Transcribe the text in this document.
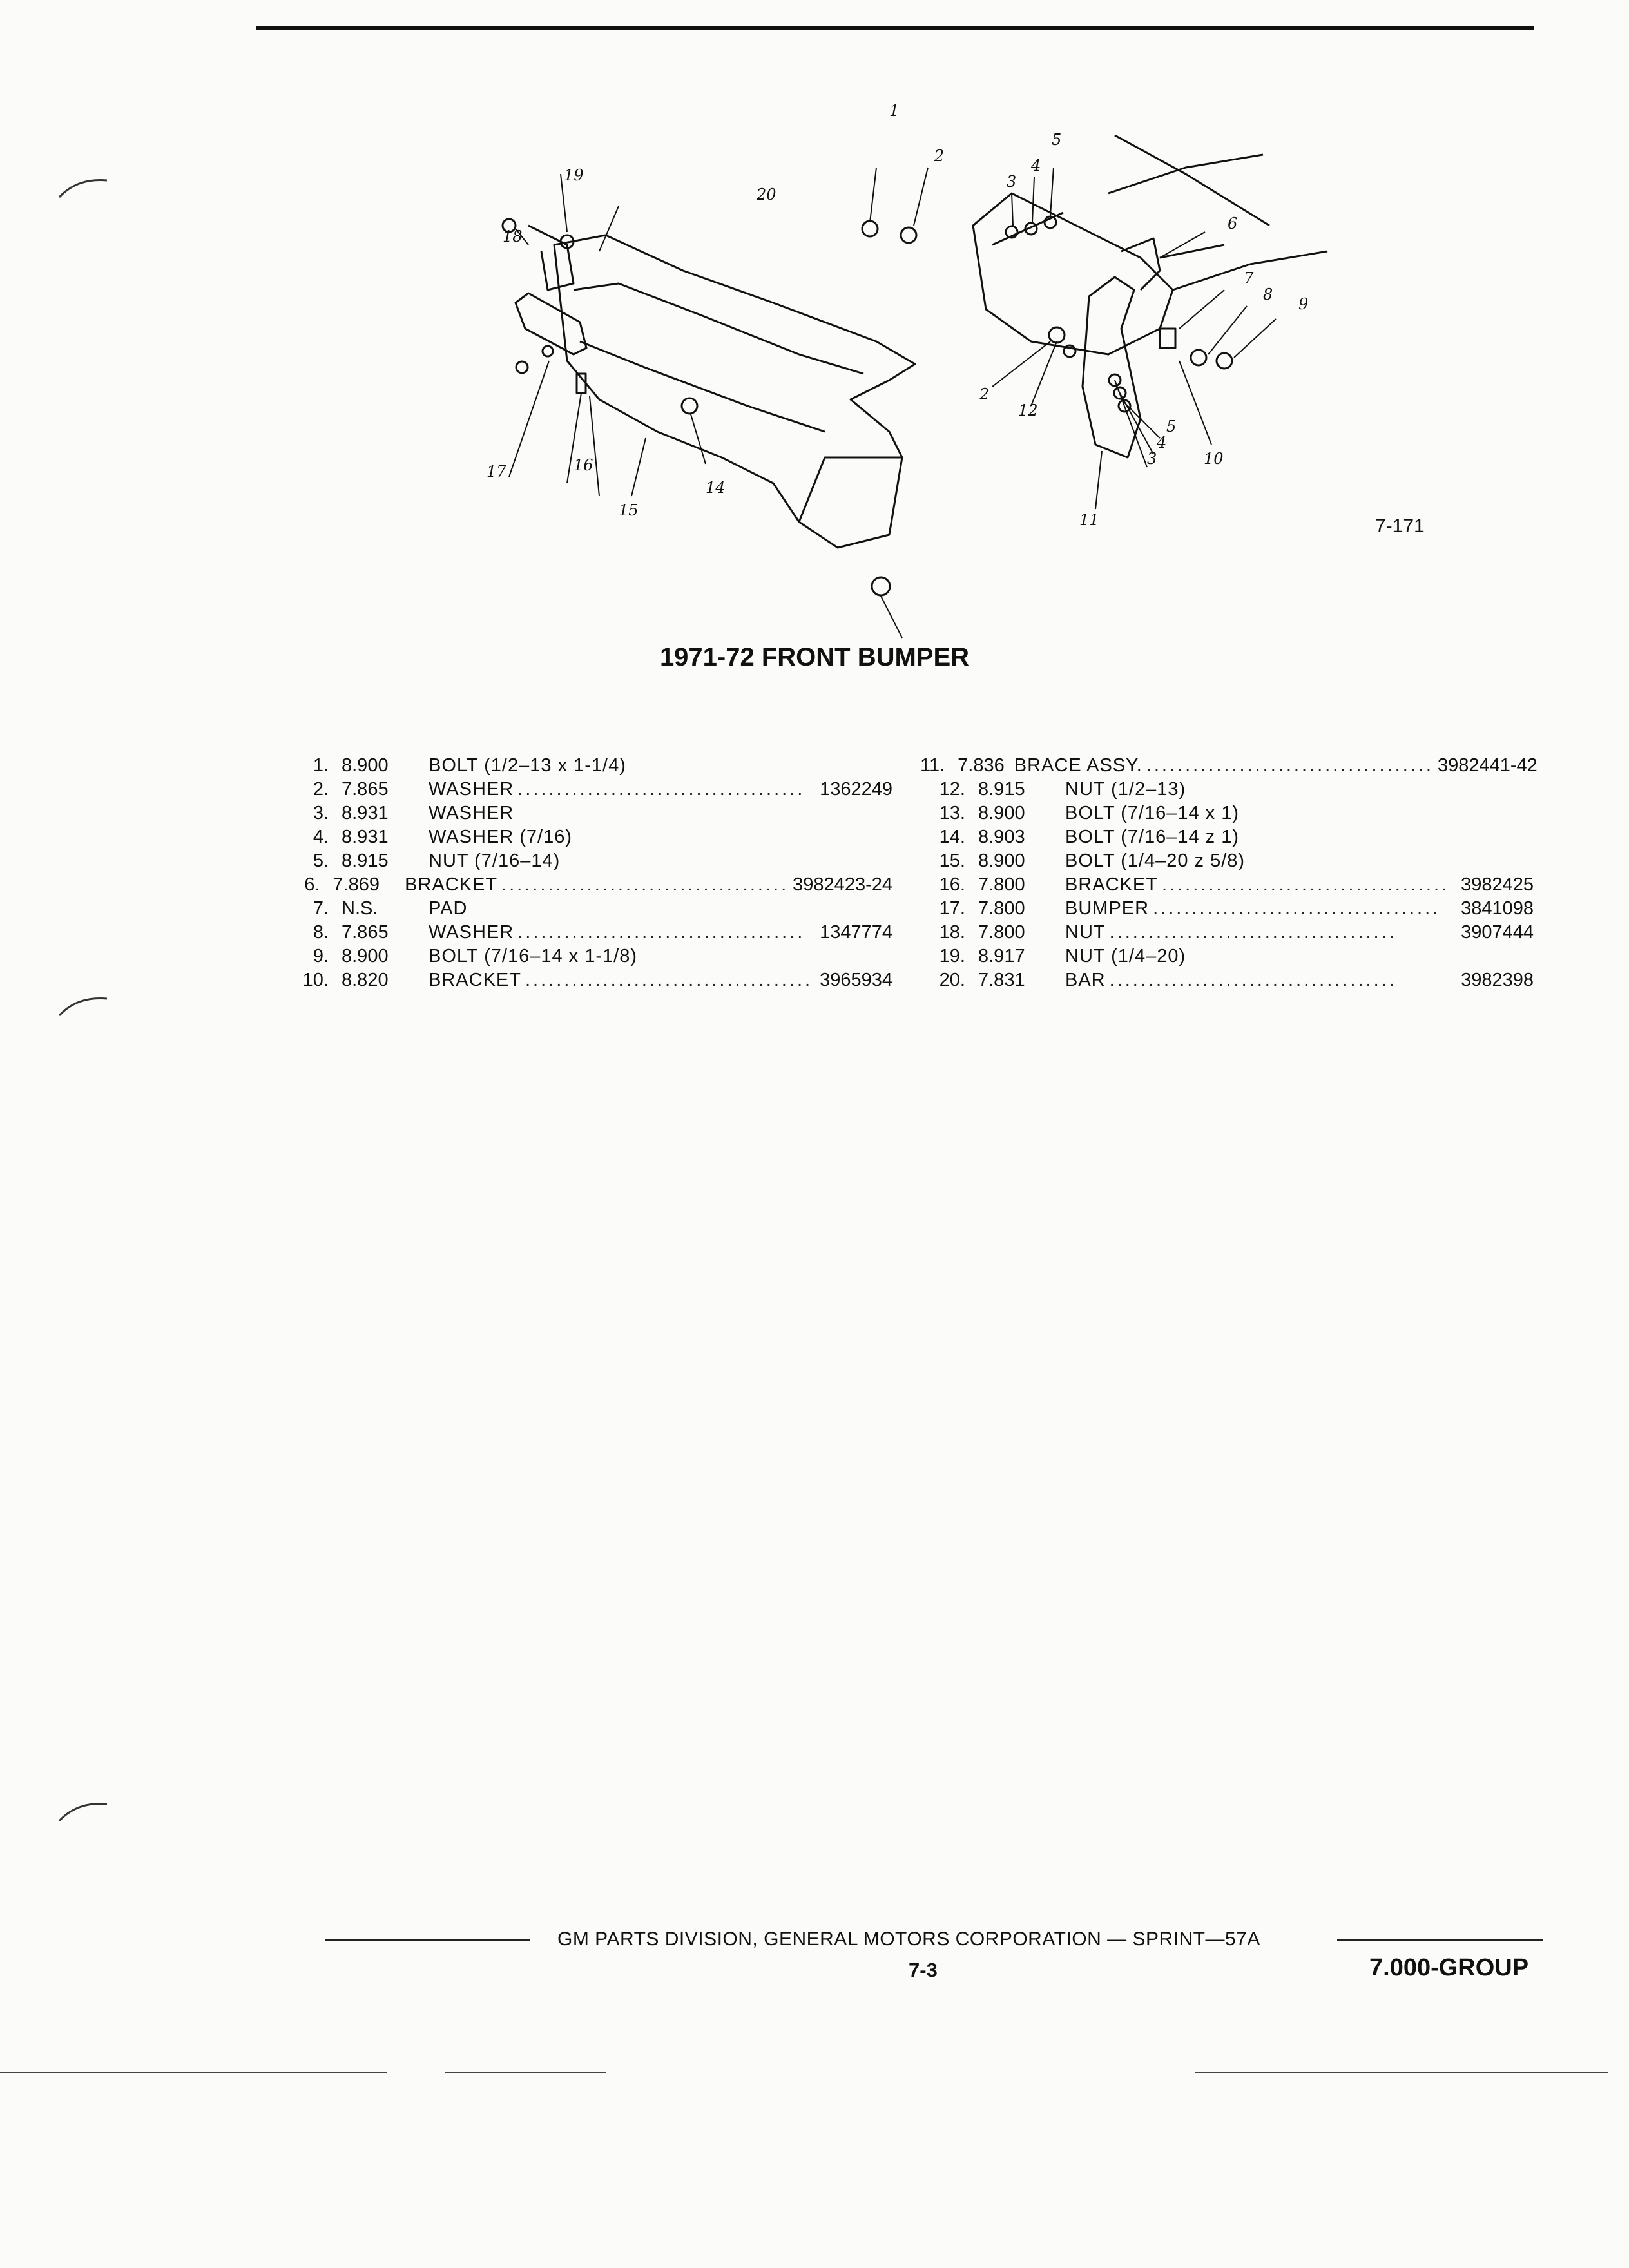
1
2
3
4
5
6
7
8
9
10
11
12
5
4
3
2
14
15
16
17
18
19
20
7-171
1971-72 FRONT BUMPER
1. 8.900	BOLT (1/2–13 x 1-1/4)
2. 7.865	WASHER ..................................... 1362249
3. 8.931	WASHER
4. 8.931	WASHER (7/16)
5. 8.915	NUT (7/16–14)
6. 7.869	BRACKET ..................................... 3982423-24
7. N.S.	PAD
8. 7.865	WASHER ..................................... 1347774
9. 8.900	BOLT (7/16–14 x 1-1/8)
10. 8.820	BRACKET ..................................... 3965934
11. 7.836 BRACE ASSY. ..................................... 3982441-42
12. 8.915	NUT (1/2–13)
13. 8.900	BOLT (7/16–14 x 1)
14. 8.903	BOLT (7/16–14 z 1)
15. 8.900	BOLT (1/4–20 z 5/8)
16. 7.800	BRACKET ..................................... 3982425
17. 7.800	BUMPER .....................................	3841098
18. 7.800	NUT .....................................	3907444
19. 8.917	NUT (1/4–20)
20. 7.831	BAR .....................................	3982398
GM PARTS DIVISION, GENERAL MOTORS CORPORATION — SPRINT—57A
7-3	7.000-GROUP
